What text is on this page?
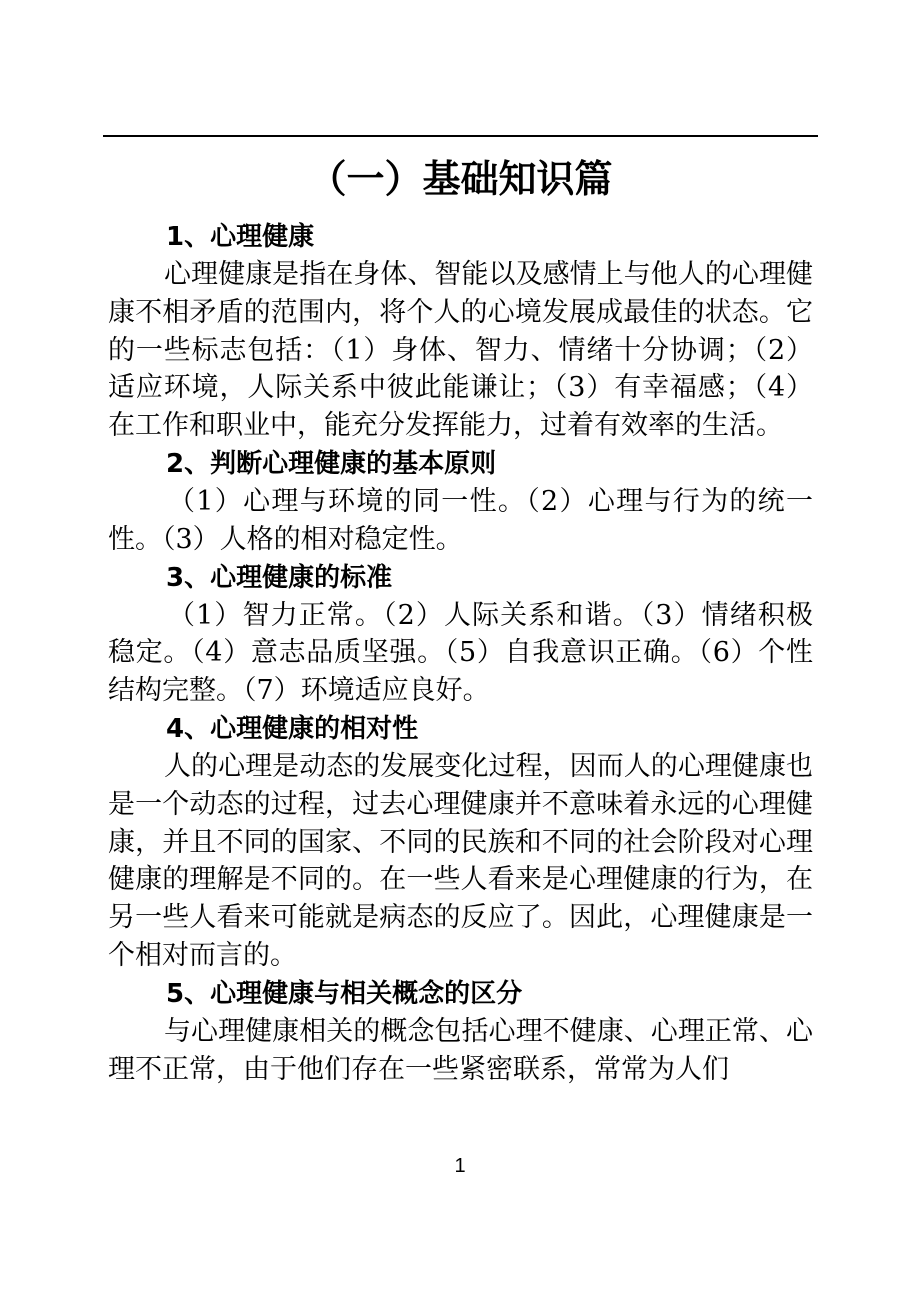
（一）基础知识篇
1、心理健康

心理健康是指在身体、智能以及感情上与他人的心理健康不相矛盾的范围内，将个人的心境发展成最佳的状态。它的一些标志包括：（1）身体、智力、情绪十分协调；（2）适应环境，人际关系中彼此能谦让；（3）有幸福感；（4）在工作和职业中，能充分发挥能力，过着有效率的生活。

2、判断心理健康的基本原则

（1）心理与环境的同一性。（2）心理与行为的统一性。（3）人格的相对稳定性。

3、心理健康的标准

（1）智力正常。（2）人际关系和谐。（3）情绪积极稳定。（4）意志品质坚强。（5）自我意识正确。（6）个性结构完整。（7）环境适应良好。

4、心理健康的相对性

人的心理是动态的发展变化过程，因而人的心理健康也是一个动态的过程，过去心理健康并不意味着永远的心理健康，并且不同的国家、不同的民族和不同的社会阶段对心理健康的理解是不同的。在一些人看来是心理健康的行为，在另一些人看来可能就是病态的反应了。因此，心理健康是一个相对而言的。

5、心理健康与相关概念的区分

与心理健康相关的概念包括心理不健康、心理正常、心理不正常，由于他们存在一些紧密联系，常常为人们

1
